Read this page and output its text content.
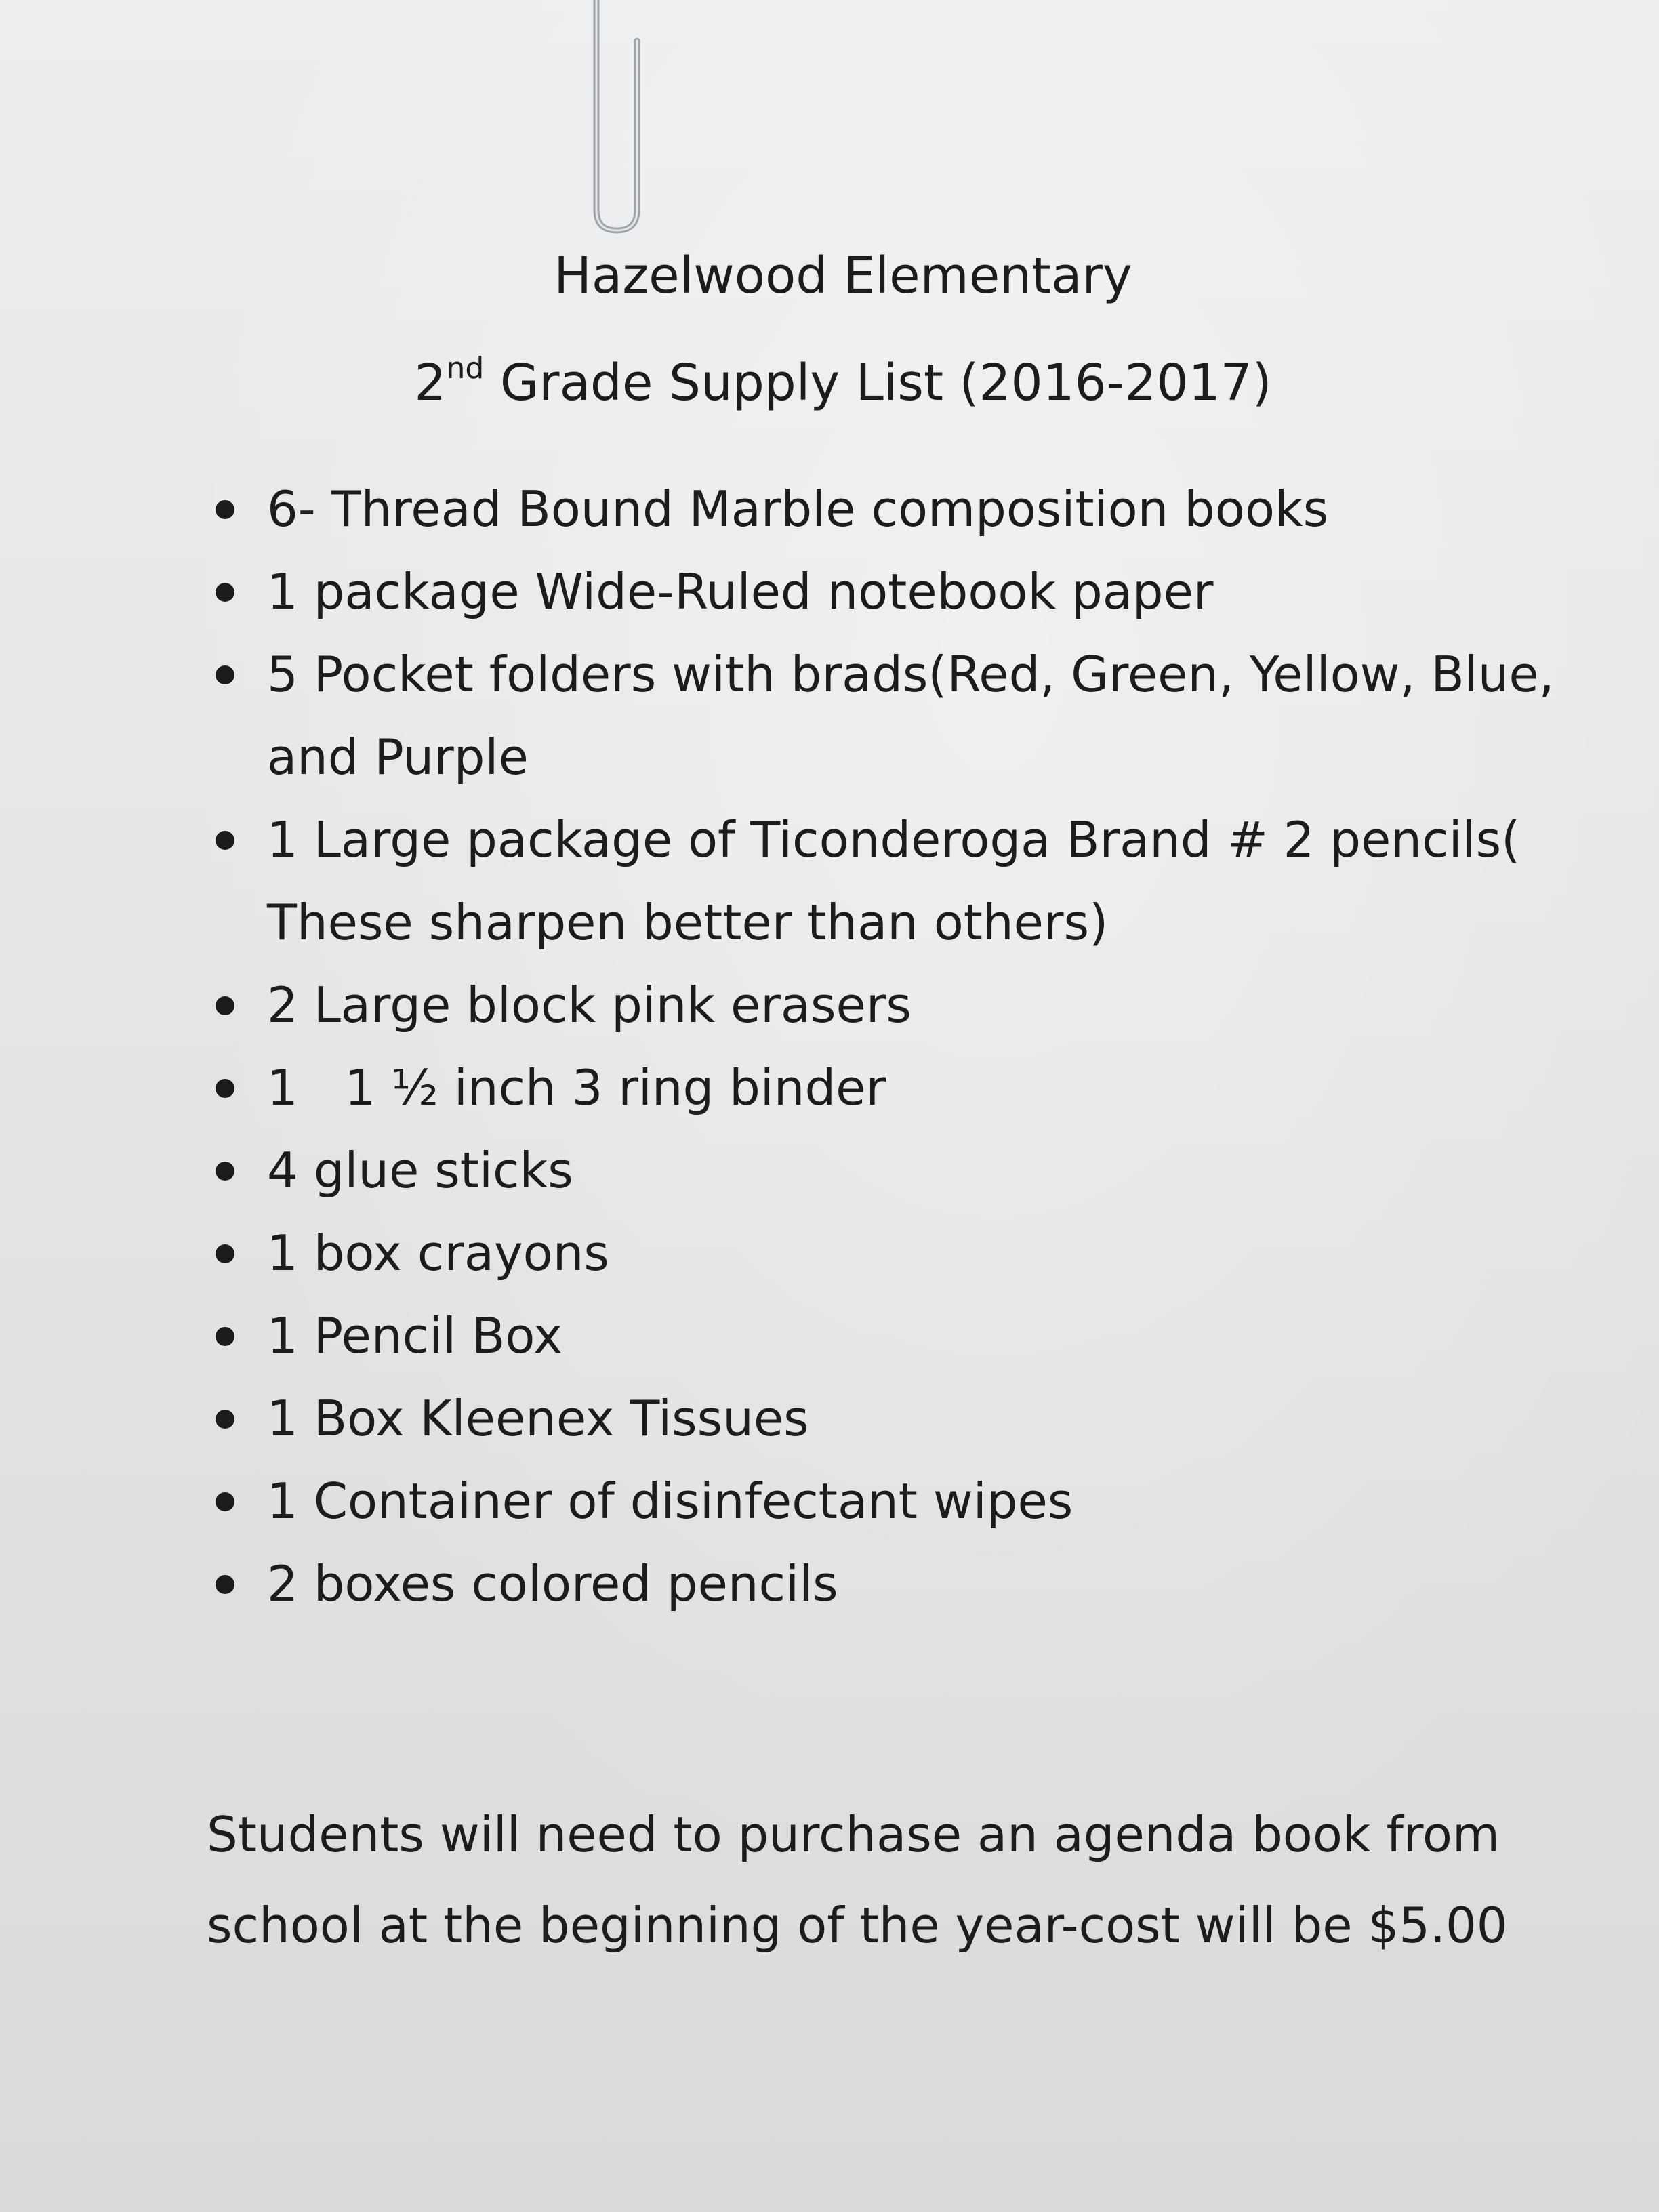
Hazelwood Elementary
2nd Grade Supply List (2016-2017)
6- Thread Bound Marble composition books
1 package Wide-Ruled notebook paper
5 Pocket folders with brads(Red, Green, Yellow, Blue,
and Purple
1 Large package of Ticonderoga Brand # 2 pencils(
These sharpen better than others)
2 Large block pink erasers
1   1 ½ inch 3 ring binder
4 glue sticks
1 box crayons
1 Pencil Box
1 Box Kleenex Tissues
1 Container of disinfectant wipes
2 boxes colored pencils
Students will need to purchase an agenda book from
school at the beginning of the year-cost will be $5.00
